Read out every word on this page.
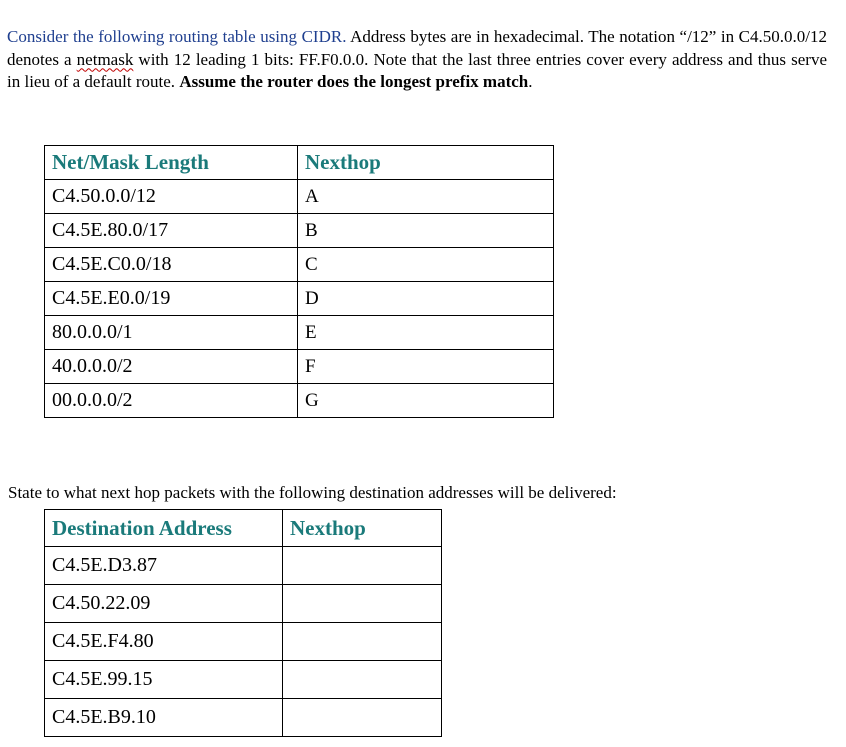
Consider the following routing table using CIDR. Address bytes are in hexadecimal. The notation “/12” in C4.50.0.0/12 denotes a netmask with 12 leading 1 bits: FF.F0.0.0. Note that the last three entries cover every address and thus serve in lieu of a default route. Assume the router does the longest prefix match.

Net/Mask Length	Nexthop
C4.50.0.0/12	A
C4.5E.80.0/17	B
C4.5E.C0.0/18	C
C4.5E.E0.0/19	D
80.0.0.0/1	E
40.0.0.0/2	F
00.0.0.0/2	G

State to what next hop packets with the following destination addresses will be delivered:

Destination Address	Nexthop
C4.5E.D3.87	
C4.50.22.09	
C4.5E.F4.80	
C4.5E.99.15	
C4.5E.B9.10	
